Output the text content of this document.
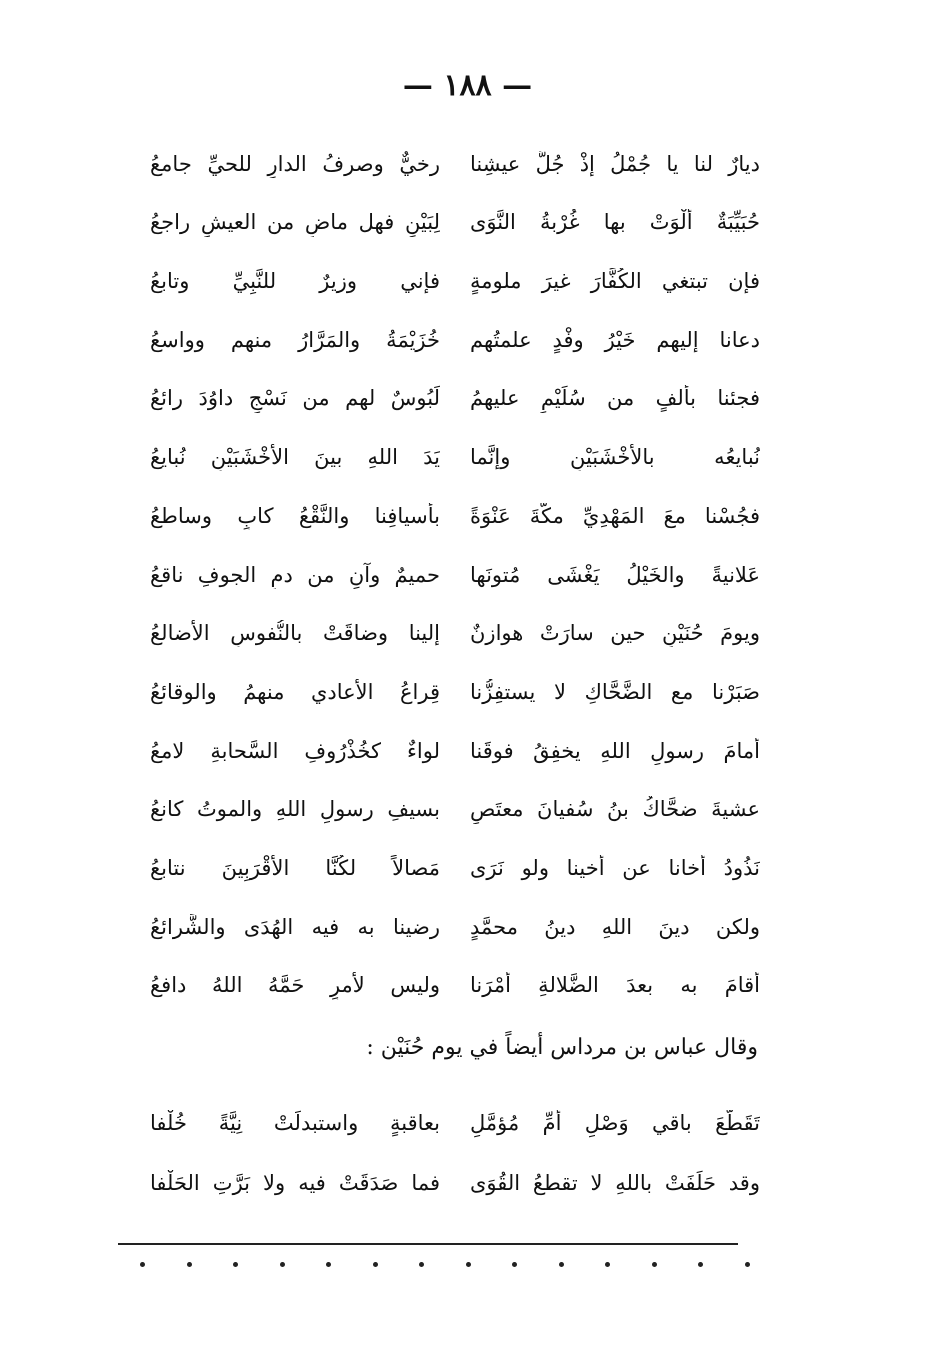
— ١٨٨ —
ديارٌ لنا يا جُمْلُ إذْ جُلُّ عيشِنا
رخيٌّ وصرفُ الدارِ للحيِّ جامعُ
حُبَيِّبَةٌ ألْوَتْ بها غُرْبةُ النَّوَى
لِبَيْنٍ فهل ماضٍ من العيشِ راجعُ
فإن تبتغي الكُفَّارَ غيرَ ملومةٍ
فإني وزيرٌ للنَّبِيِّ وتابعُ
دعانا إليهم خَيْرُ وفْدٍ علمتُهم
خُزَيْمَةُ والمَرَّارُ منهم وواسعُ
فجئنا بألفٍ من سُلَيْمٍ عليهمُ
لَبُوسٌ لهم من نَسْجِ داوُدَ رائعُ
نُبايعُه بالأخْشَبَيْنِ وإنَّما
يَدَ اللهِ بينَ الأخْشَبَيْنِ نُبايعُ
فجُسْنا معَ المَهْدِيِّ مكَّةَ عَنْوَةً
بأسيافِنا والنَّقْعُ كابٍ وساطعُ
عَلانيةً والخَيْلُ يَغْشَى مُتونَها
حميمٌ وآنٍ من دمِ الجوفِ ناقعُ
ويومَ حُنَيْنٍ حين سارَتْ هوازنٌ
إلينا وضاقَتْ بالنُّفوسِ الأضالعُ
صَبَرْنا مع الضَّحَّاكِ لا يستفِزُّنا
قِراعُ الأعادي منهمُ والوقائعُ
أمامَ رسولِ اللهِ يخفِقُ فوقَنا
لواءٌ كخُذْرُوفِ السَّحابةِ لامعُ
عشيةَ ضحَّاكُ بنُ سُفيانَ معتَصٍ
بسيفِ رسولِ اللهِ والموتُ كانعُ
نَذُودُ أخانا عن أخينا ولو نَرَى
مَصالاً لكُنَّا الأقْرَبِينَ نتابعُ
ولكن دينَ اللهِ دينُ محمَّدٍ
رضينا به فيه الهُدَى والشَّرائعُ
أقامَ به بعدَ الضَّلالةِ أمْرَنا
وليس لأمرٍ حَمَّهُ اللهُ دافعُ
وقال عباس بن مرداس أيضاً في يوم حُنَيْن :
تَقَطَّعَ باقي وَصْلِ أُمِّ مُؤمَّلِ
بعاقبةٍ واستبدلَتْ نِيَّةً خُلْفا
وقد حَلَفَتْ باللهِ لا تقطعُ القُوَى
فما صَدَقَتْ فيه ولا بَرَّتِ الحَلْفا
